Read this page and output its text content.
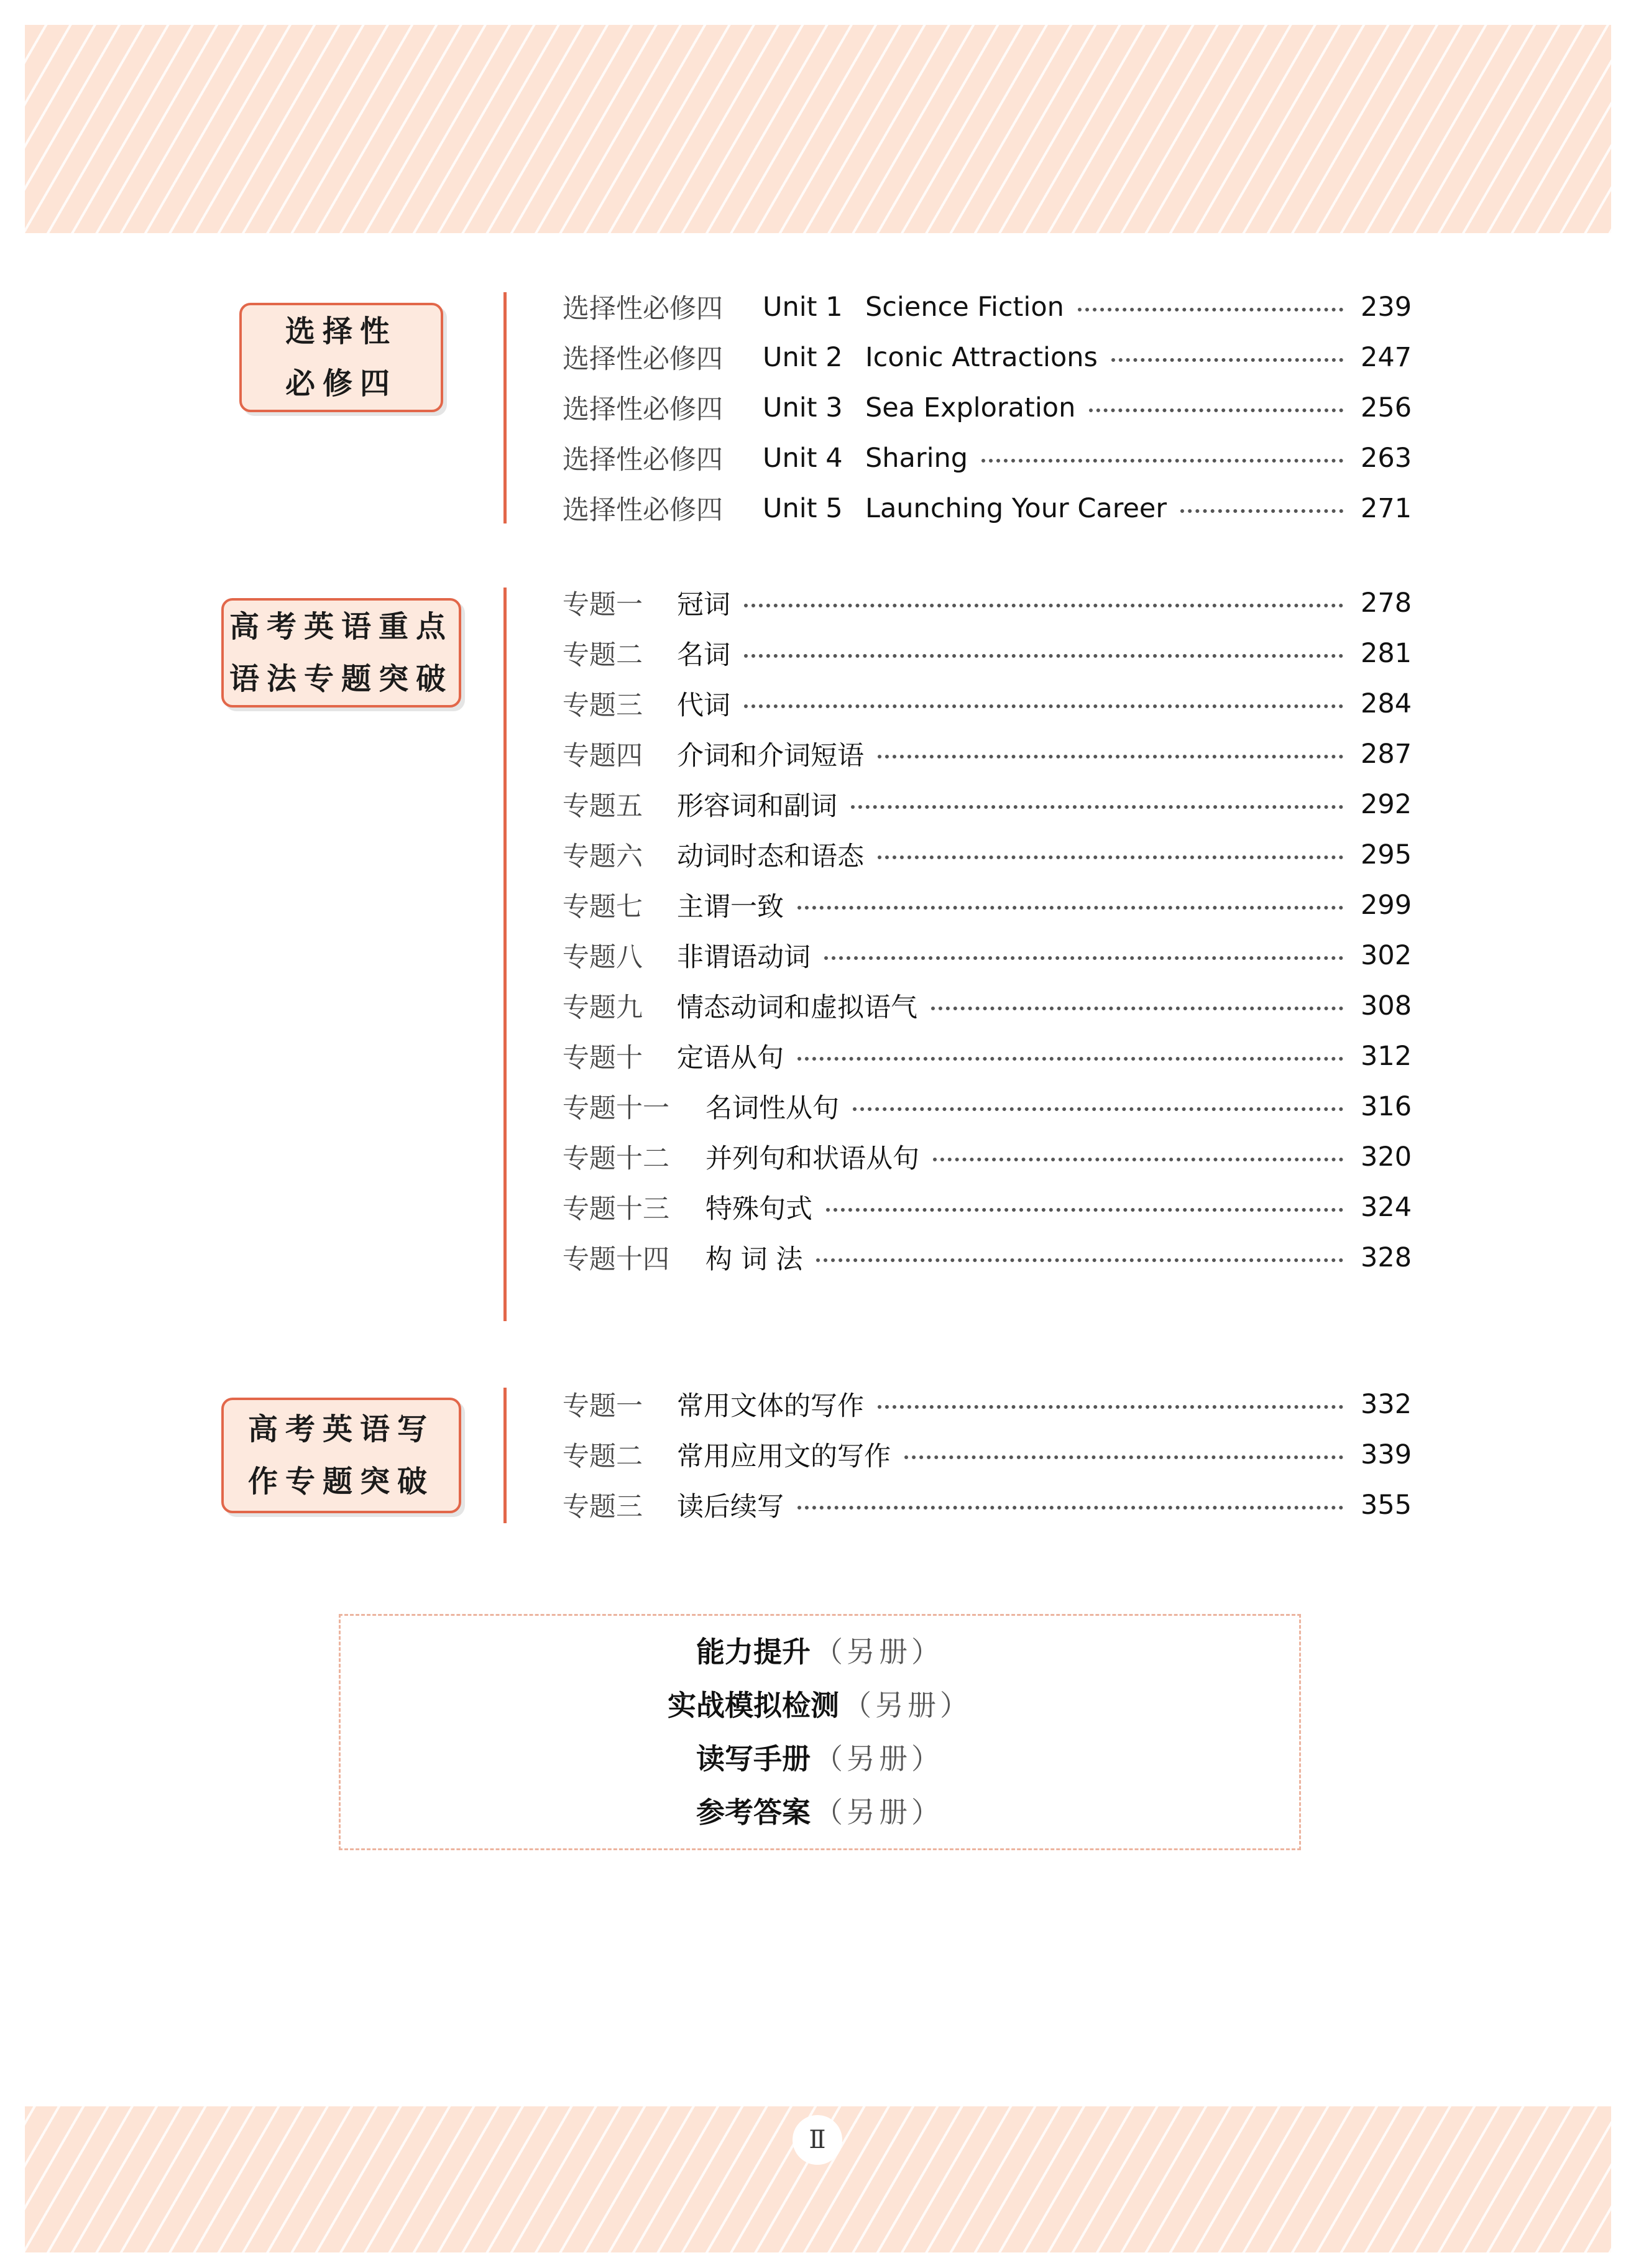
选择性
必修四
选择性必修四	Unit 1 Science Fiction	239
选择性必修四	Unit 2 Iconic Attractions	247
选择性必修四	Unit 3 Sea Exploration	256
选择性必修四	Unit 4 Sharing	263
选择性必修四	Unit 5 Launching Your Career	271
高考英语重点
语法专题突破
专题一	冠词	278
专题二	名词	281
专题三	代词	284
专题四	介词和介词短语	287
专题五	形容词和副词	292
专题六	动词时态和语态	295
专题七	主谓一致	299
专题八	非谓语动词	302
专题九	情态动词和虚拟语气	308
专题十	定语从句	312
专题十一	名词性从句	316
专题十二	并列句和状语从句	320
专题十三	特殊句式	324
专题十四	构 词 法	328
高考英语写
作专题突破
专题一	常用文体的写作	332
专题二	常用应用文的写作	339
专题三	读后续写	355
能力提升 （另册）
实战模拟检测 （另册）
读写手册 （另册）
参考答案 （另册）
Ⅱ
